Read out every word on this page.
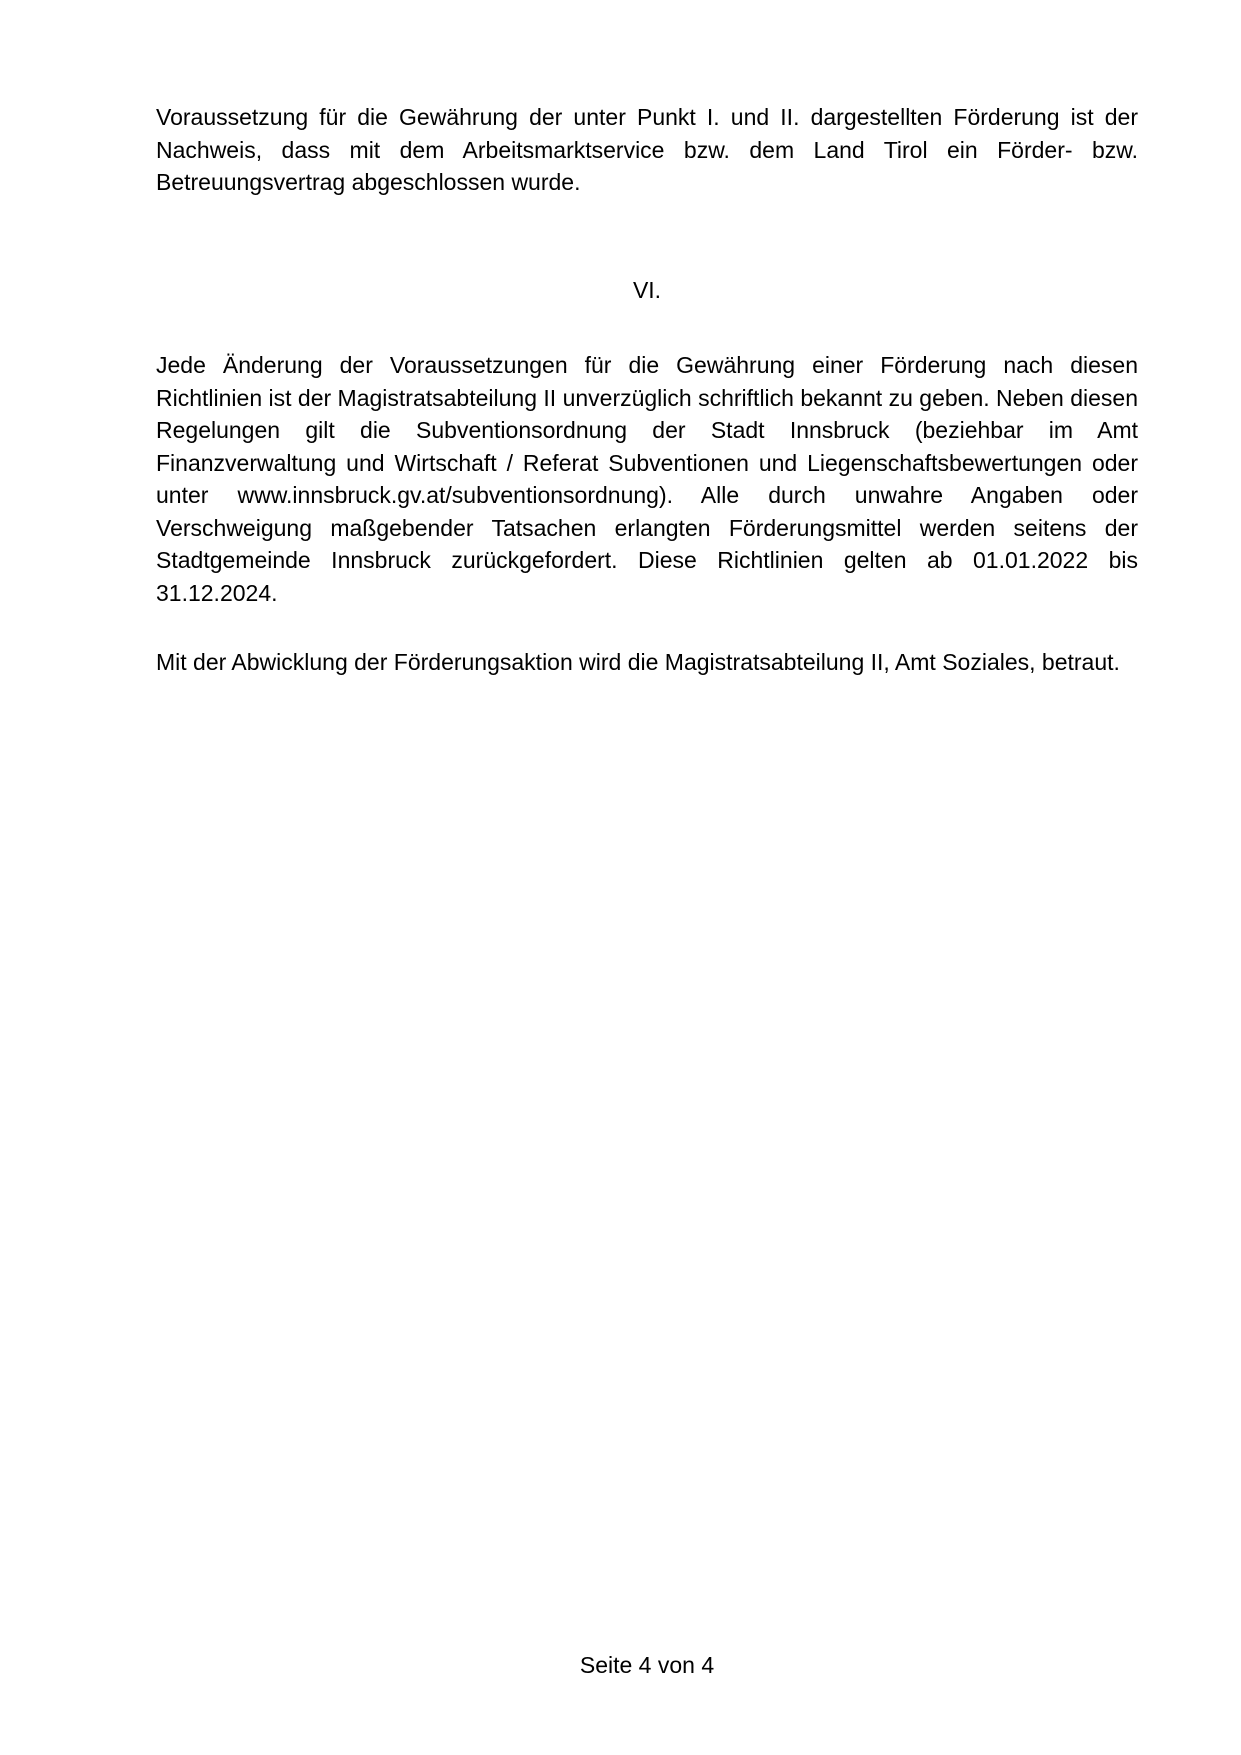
Voraussetzung für die Gewährung der unter Punkt I. und II. dargestellten Förderung ist der Nachweis, dass mit dem Arbeitsmarktservice bzw. dem Land Tirol ein Förder- bzw. Betreuungsvertrag abgeschlossen wurde.

VI.

Jede Änderung der Voraussetzungen für die Gewährung einer Förderung nach diesen Richtlinien ist der Magistratsabteilung II unverzüglich schriftlich bekannt zu geben. Neben diesen Regelungen gilt die Subventionsordnung der Stadt Innsbruck (beziehbar im Amt Finanzverwaltung und Wirtschaft / Referat Subventionen und Liegenschaftsbewertungen oder unter www.innsbruck.gv.at/subventionsordnung). Alle durch unwahre Angaben oder Verschweigung maßgebender Tatsachen erlangten Förderungsmittel werden seitens der Stadtgemeinde Innsbruck zurückgefordert. Diese Richtlinien gelten ab 01.01.2022 bis 31.12.2024.

Mit der Abwicklung der Förderungsaktion wird die Magistratsabteilung II, Amt Soziales, betraut.

Seite 4 von 4
